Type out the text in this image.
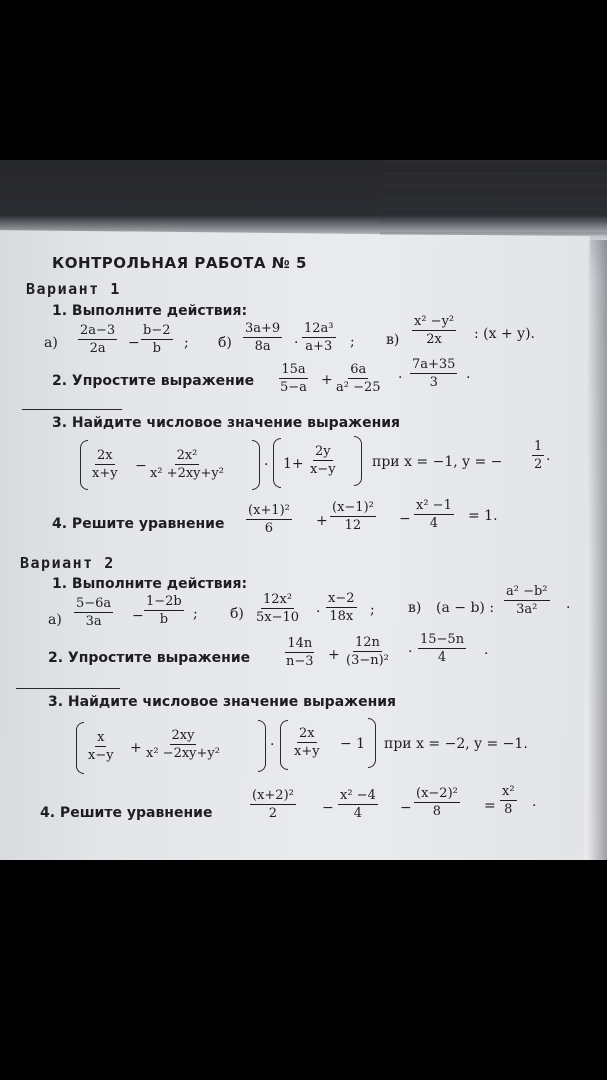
КОНТРОЛЬНАЯ РАБОТА № 5
Вариант 1
1. Выполните действия:
$а) \frac{2a-3}{2a} - \frac{b-2}{b}$ ; $б) \frac{3a+9}{8a} \cdot \frac{\text{12a³}}{a+3}$ ; $в) \frac{\text{x² −y²}}{2x}$ : (x + y).
2. Упростите выражение $\frac{15a}{5-a} + \frac{6a}{\text{a² −25}} \cdot \frac{7a+35}{3}$ .
3. Найдите числовое значение выражения
$\frac{2x}{x+y} - \frac{\text{2x²}}{\text{x² +2xy+y²}}$	· $1+ \frac{2y}{x-y}$ при x = −1, y = − $\frac{1}{2}$ .
4. Решите уравнение $\frac{\text{(x+1)²}}{6} + \frac{\text{(x−1)²}}{12} - \frac{\text{x² −1}}{4} = 1$.
Вариант 2
1. Выполните действия:
$а) \frac{5-6a}{3a} - \frac{1-2b}{b}$ ; $б) \frac{\text{12x²}}{5x-10} \cdot \frac{x-2}{18x}$ ; в) (a − b) : $\frac{\text{a² −b²}}{\text{3a²}}$ .
2. Упростите выражение	$\frac{14n}{n-3} + \frac{12n}{\text{(3−n)²}} \cdot \frac{15-5n}{4}$ .
3. Найдите числовое значение выражения
$\frac{x}{x-y} + \frac{2xy}{\text{x² −2xy+y²}}$	· $\frac{2x}{x+y} - 1$ при x = −2, y = −1.
4. Решите уравнение	$\frac{\text{(x+2)²}}{2} - \frac{\text{x² −4}}{4} - \frac{\text{(x−2)²}}{8} = \frac{\text{x²}}{8}$ .
